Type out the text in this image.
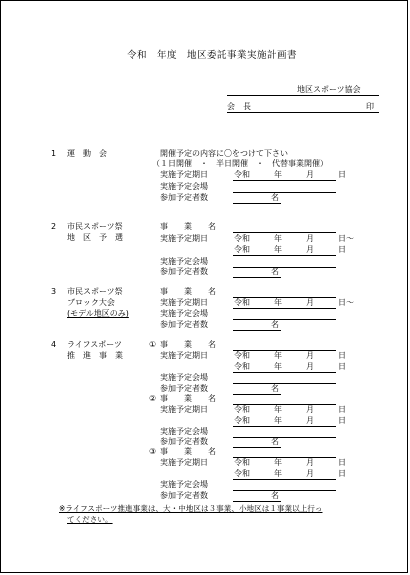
令和　年度　地区委託事業実施計画書
地区スポーツ協会
会　長	印
1 運　動　会	開催予定の内容に〇をつけて下さい
（１日開催　・　半日開催　・　代替事業開催）
実施予定期日	令和　　　年　　　月　　　日
実施予定会場
参加予定者数	名
2 市民スポーツ祭
地　区　予　選
事　　業　　名
実施予定期日	令和　　　年　　　月　　　日～
令和　　　年　　　月　　　日
実施予定会場
参加予定者数	名
3 市民スポーツ祭
ブロック大会
(モデル地区のみ)
事　　業　　名
実施予定期日	令和　　　年　　　月　　　日～
実施予定会場
参加予定者数	名
4 ライフスポーツ
推　進　事　業
① 事　　業　　名
実施予定期日	令和　　　年　　　月　　　日
令和　　　年　　　月　　　日
実施予定会場
参加予定者数	名
② 事　　業　　名
実施予定期日	令和　　　年　　　月　　　日
令和　　　年　　　月　　　日
実施予定会場
参加予定者数	名
③ 事　　業　　名
実施予定期日	令和　　　年　　　月　　　日
令和　　　年　　　月　　　日
実施予定会場
参加予定者数	名
※ライフスポーツ推進事業は、大・中地区は３事業、小地区は１事業以上行っ
てください。
